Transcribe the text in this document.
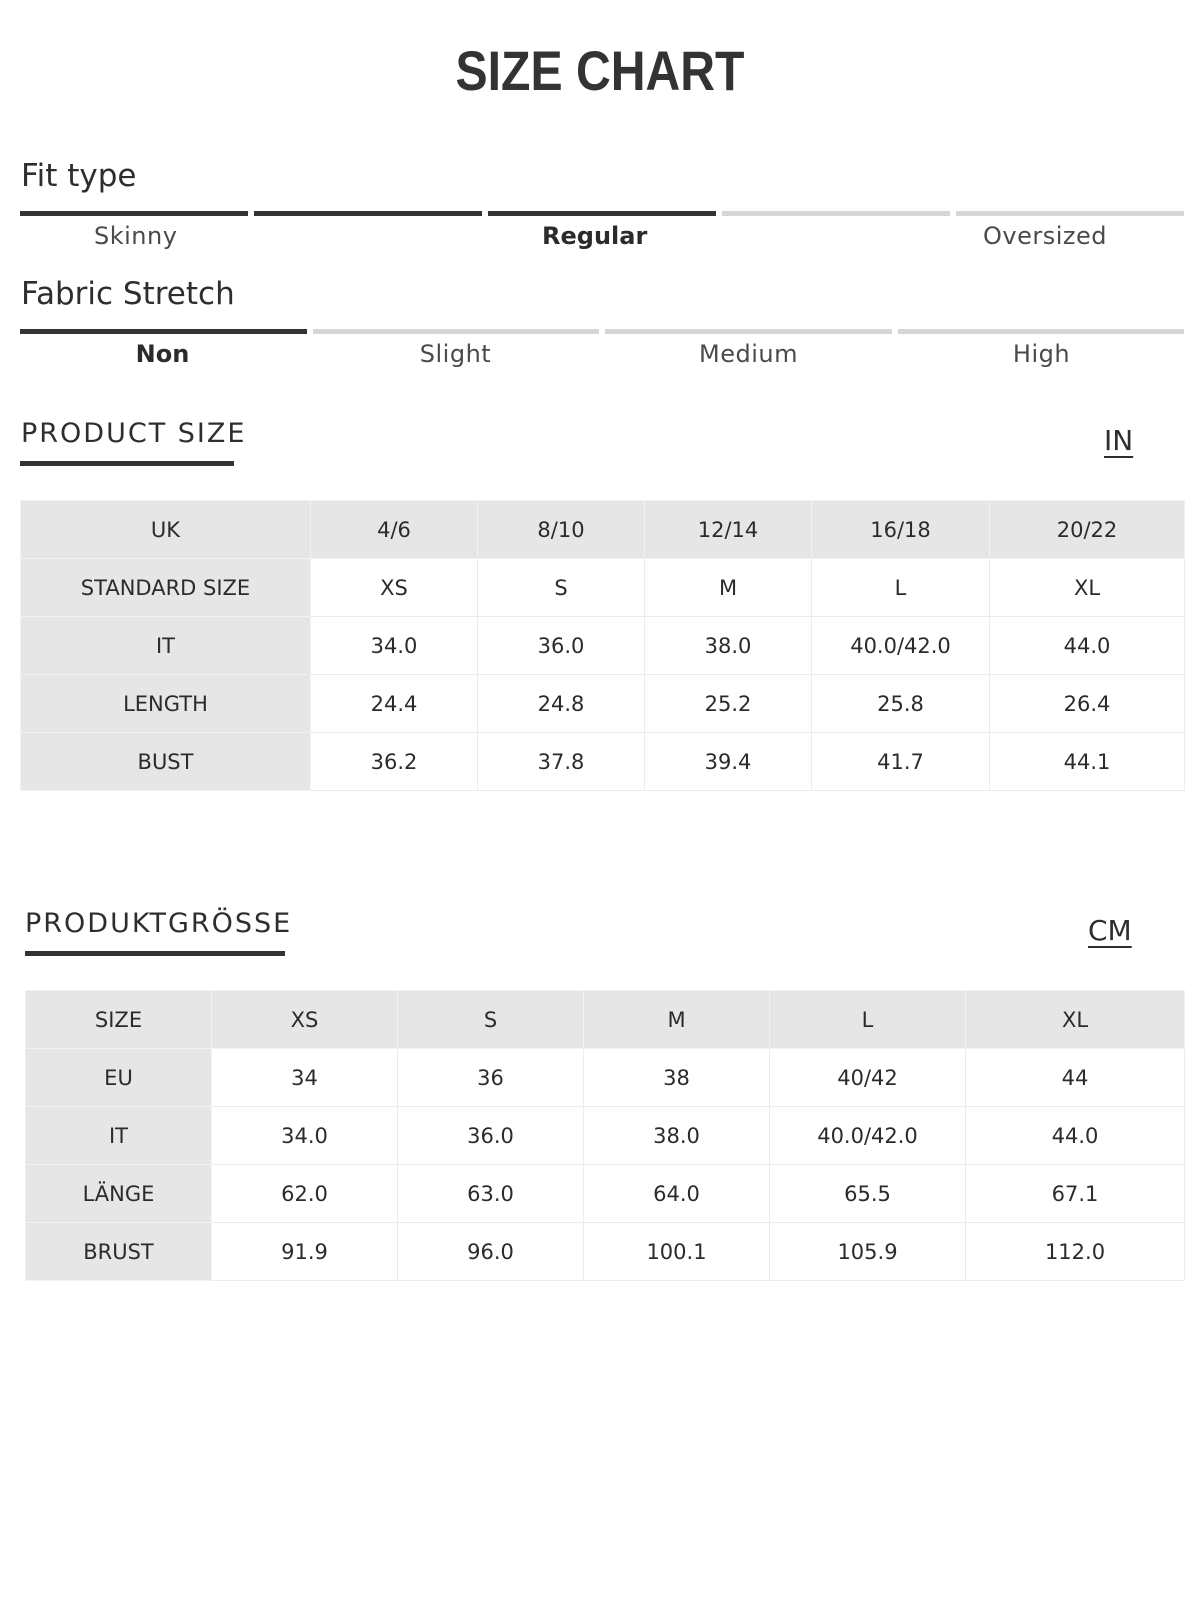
SIZE CHART
Fit type
Skinny	Regular	Oversized
Fabric Stretch
Non	Slight	Medium	High
PRODUCT SIZE	IN
UK	4/6	8/10	12/14	16/18	20/22
STANDARD SIZE	XS	S	M	L	XL
IT	34.0	36.0	38.0	40.0/42.0	44.0
LENGTH	24.4	24.8	25.2	25.8	26.4
BUST	36.2	37.8	39.4	41.7	44.1
PRODUKTGRÖSSE	CM
SIZE	XS	S	M	L	XL
EU	34	36	38	40/42	44
IT	34.0	36.0	38.0	40.0/42.0	44.0
LÄNGE	62.0	63.0	64.0	65.5	67.1
BRUST	91.9	96.0	100.1	105.9	112.0
